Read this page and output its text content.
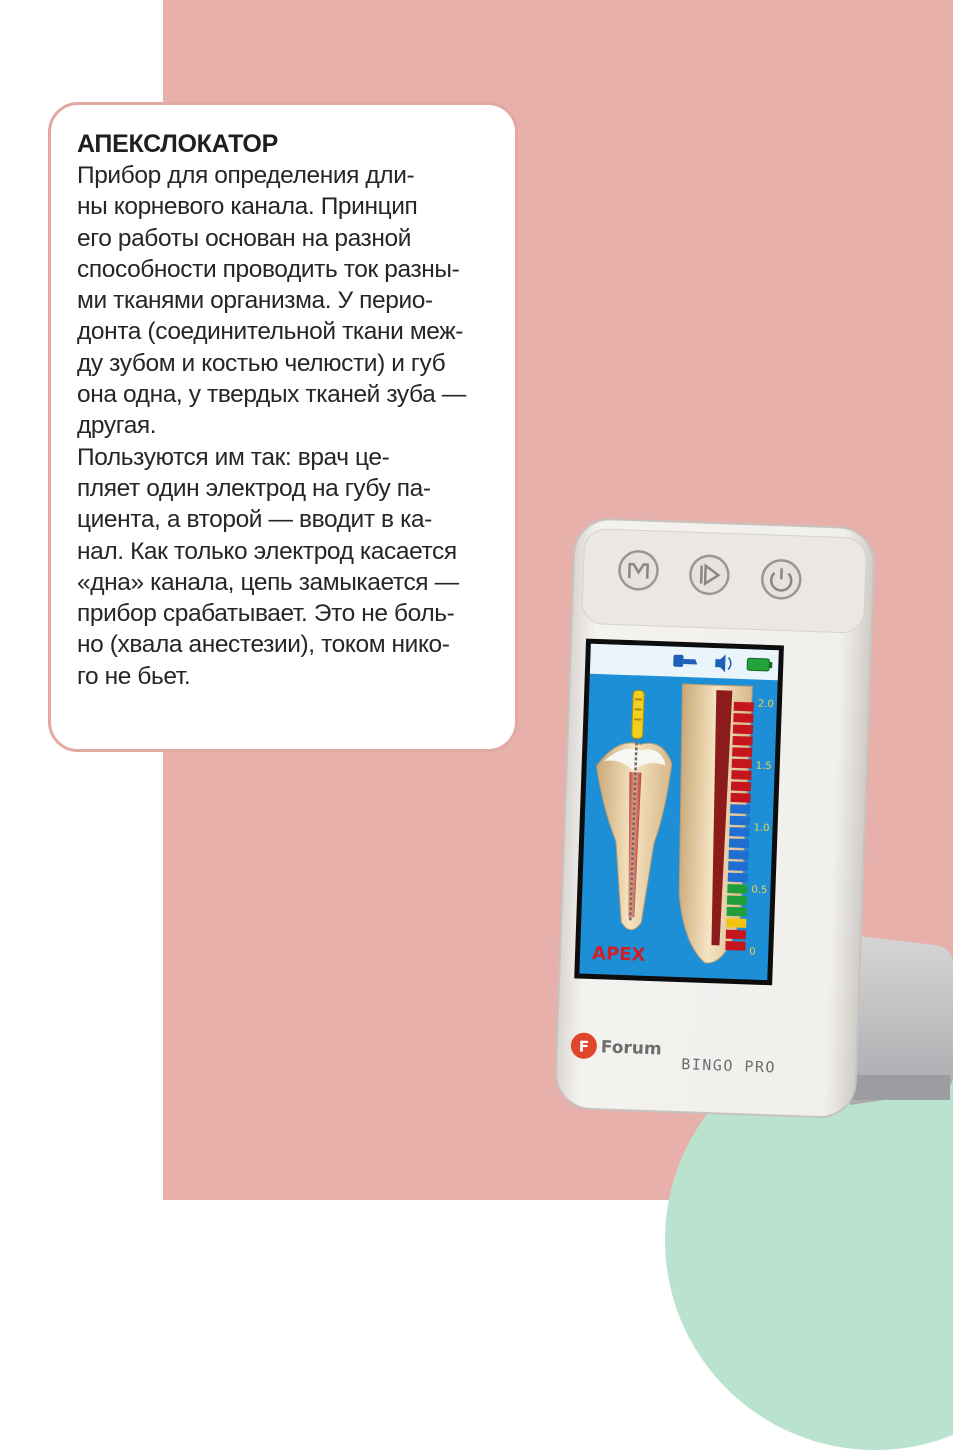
АПЕКСЛОКАТОР
Прибор для определения дли-
ны корневого канала. Принцип
его работы основан на разной
способности проводить ток разны-
ми тканями организма. У перио-
донта (соединительной ткани меж-
ду зубом и костью челюсти) и губ
она одна, у твердых тканей зуба —
другая.
Пользуются им так: врач це-
пляет один электрод на губу па-
циента, а второй — вводит в ка-
нал. Как только электрод касается
«дна» канала, цепь замыкается —
прибор срабатывает. Это не боль-
но (хвала анестезии), током нико-
го не бьет.
2.0
1.5
1.0
0.5
0
APEX
F Forum
BINGO PRO
